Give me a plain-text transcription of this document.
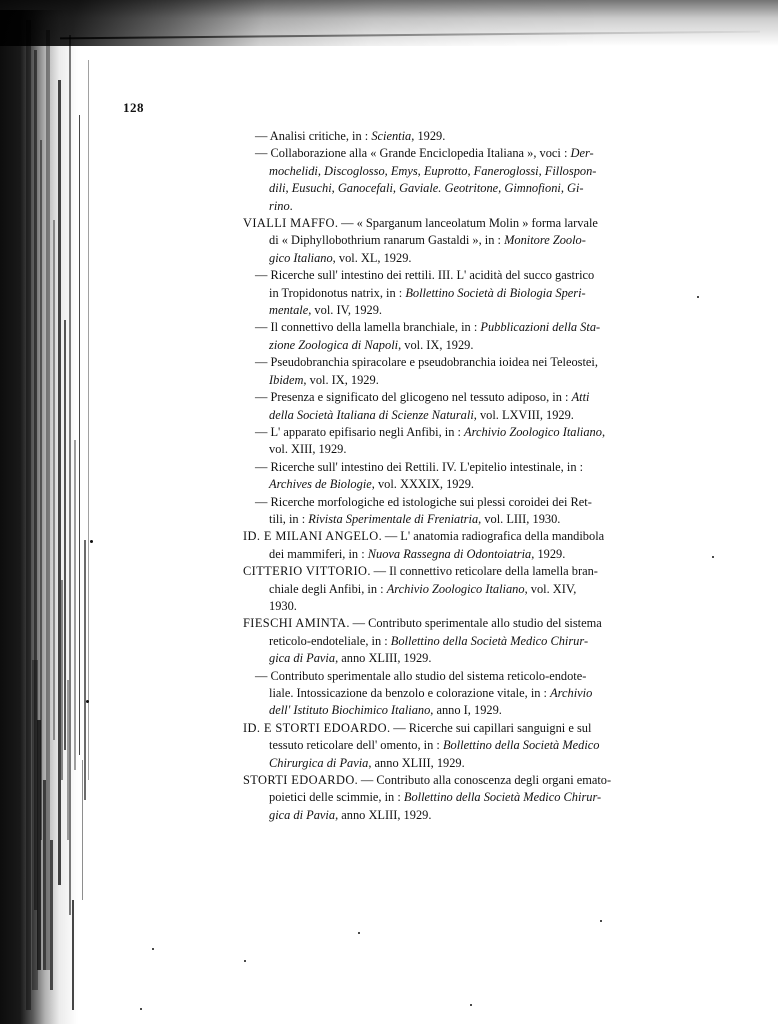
128

— Analisi critiche, in : Scientia, 1929.

— Collaborazione alla « Grande Enciclopedia Italiana », voci : Der-
mochelidi, Discoglosso, Emys, Euprotto, Faneroglossi, Fillospon-
dili, Eusuchi, Ganocefali, Gaviale. Geotritone, Gimnofioni, Gi-
rino.

VIALLI MAFFO. — « Sparganum lanceolatum Molin » forma larvale
di « Diphyllobothrium ranarum Gastaldi », in : Monitore Zoolo-
gico Italiano, vol. XL, 1929.

— Ricerche sull' intestino dei rettili. III. L' acidità del succo gastrico
in Tropidonotus natrix, in : Bollettino Società di Biologia Speri-
mentale, vol. IV, 1929.

— Il connettivo della lamella branchiale, in : Pubblicazioni della Sta-
zione Zoologica di Napoli, vol. IX, 1929.

— Pseudobranchia spiracolare e pseudobranchia ioidea nei Teleostei,
Ibidem, vol. IX, 1929.

— Presenza e significato del glicogeno nel tessuto adiposo, in : Atti
della Società Italiana di Scienze Naturali, vol. LXVIII, 1929.

— L' apparato epifisario negli Anfibi, in : Archivio Zoologico Italiano,
vol. XIII, 1929.

— Ricerche sull' intestino dei Rettili. IV. L'epitelio intestinale, in :
Archives de Biologie, vol. XXXIX, 1929.

— Ricerche morfologiche ed istologiche sui plessi coroidei dei Ret-
tili, in : Rivista Sperimentale di Freniatria, vol. LIII, 1930.

ID. E MILANI ANGELO. — L' anatomia radiografica della mandibola
dei mammiferi, in : Nuova Rassegna di Odontoiatria, 1929.

CITTERIO VITTORIO. — Il connettivo reticolare della lamella bran-
chiale degli Anfibi, in : Archivio Zoologico Italiano, vol. XIV,
1930.

FIESCHI AMINTA. — Contributo sperimentale allo studio del sistema
reticolo-endoteliale, in : Bollettino della Società Medico Chirur-
gica di Pavia, anno XLIII, 1929.

— Contributo sperimentale allo studio del sistema reticolo-endote-
liale. Intossicazione da benzolo e colorazione vitale, in : Archivio
dell' Istituto Biochimico Italiano, anno I, 1929.

ID. E STORTI EDOARDO. — Ricerche sui capillari sanguigni e sul
tessuto reticolare dell' omento, in : Bollettino della Società Medico
Chirurgica di Pavia, anno XLIII, 1929.

STORTI EDOARDO. — Contributo alla conoscenza degli organi emato-
poietici delle scimmie, in : Bollettino della Società Medico Chirur-
gica di Pavia, anno XLIII, 1929.
